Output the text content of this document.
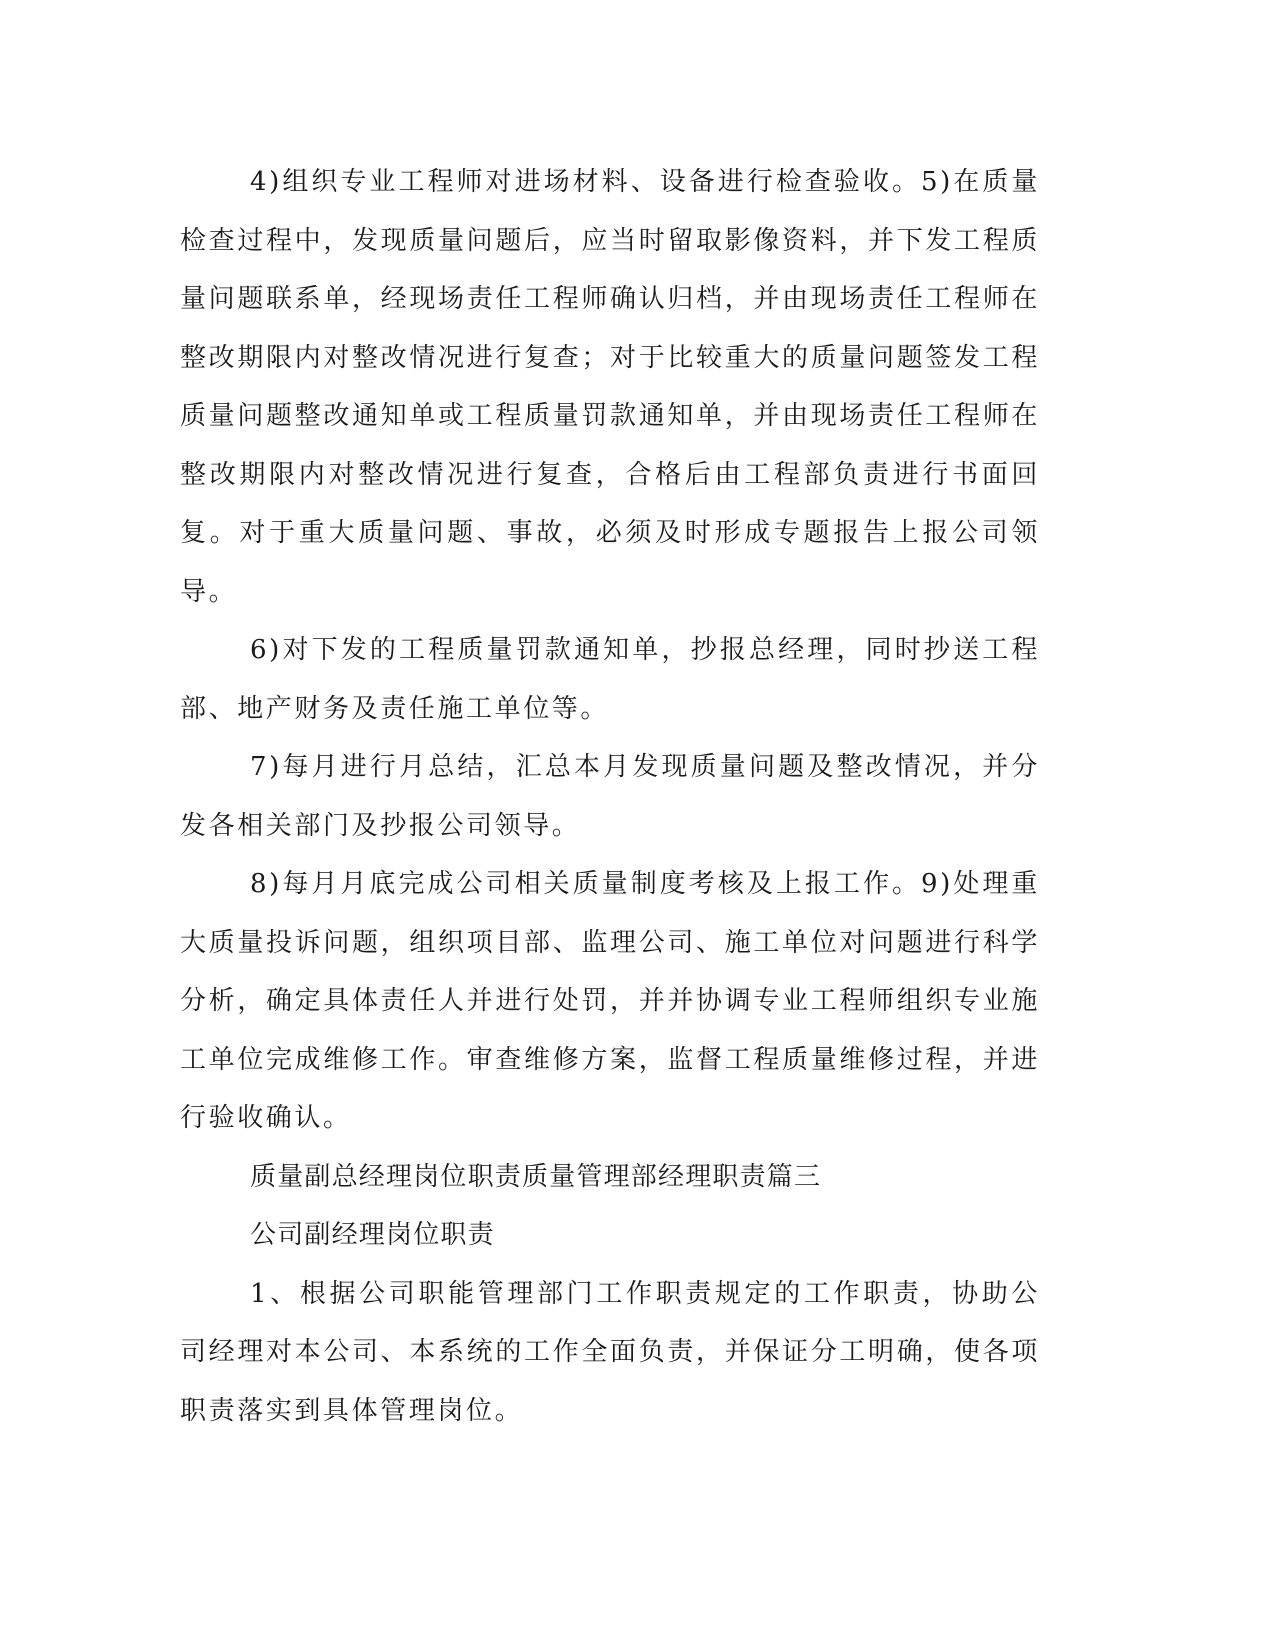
4)组织专业工程师对进场材料、设备进行检查验收。5)在质量检查过程中，发现质量问题后，应当时留取影像资料，并下发工程质量问题联系单，经现场责任工程师确认归档，并由现场责任工程师在整改期限内对整改情况进行复查；对于比较重大的质量问题签发工程质量问题整改通知单或工程质量罚款通知单，并由现场责任工程师在整改期限内对整改情况进行复查，合格后由工程部负责进行书面回复。对于重大质量问题、事故，必须及时形成专题报告上报公司领导。

6)对下发的工程质量罚款通知单，抄报总经理，同时抄送工程部、地产财务及责任施工单位等。

7)每月进行月总结，汇总本月发现质量问题及整改情况，并分发各相关部门及抄报公司领导。

8)每月月底完成公司相关质量制度考核及上报工作。9)处理重大质量投诉问题，组织项目部、监理公司、施工单位对问题进行科学分析，确定具体责任人并进行处罚，并并协调专业工程师组织专业施工单位完成维修工作。审查维修方案，监督工程质量维修过程，并进行验收确认。

质量副总经理岗位职责质量管理部经理职责篇三

公司副经理岗位职责

1、根据公司职能管理部门工作职责规定的工作职责，协助公司经理对本公司、本系统的工作全面负责，并保证分工明确，使各项职责落实到具体管理岗位。
